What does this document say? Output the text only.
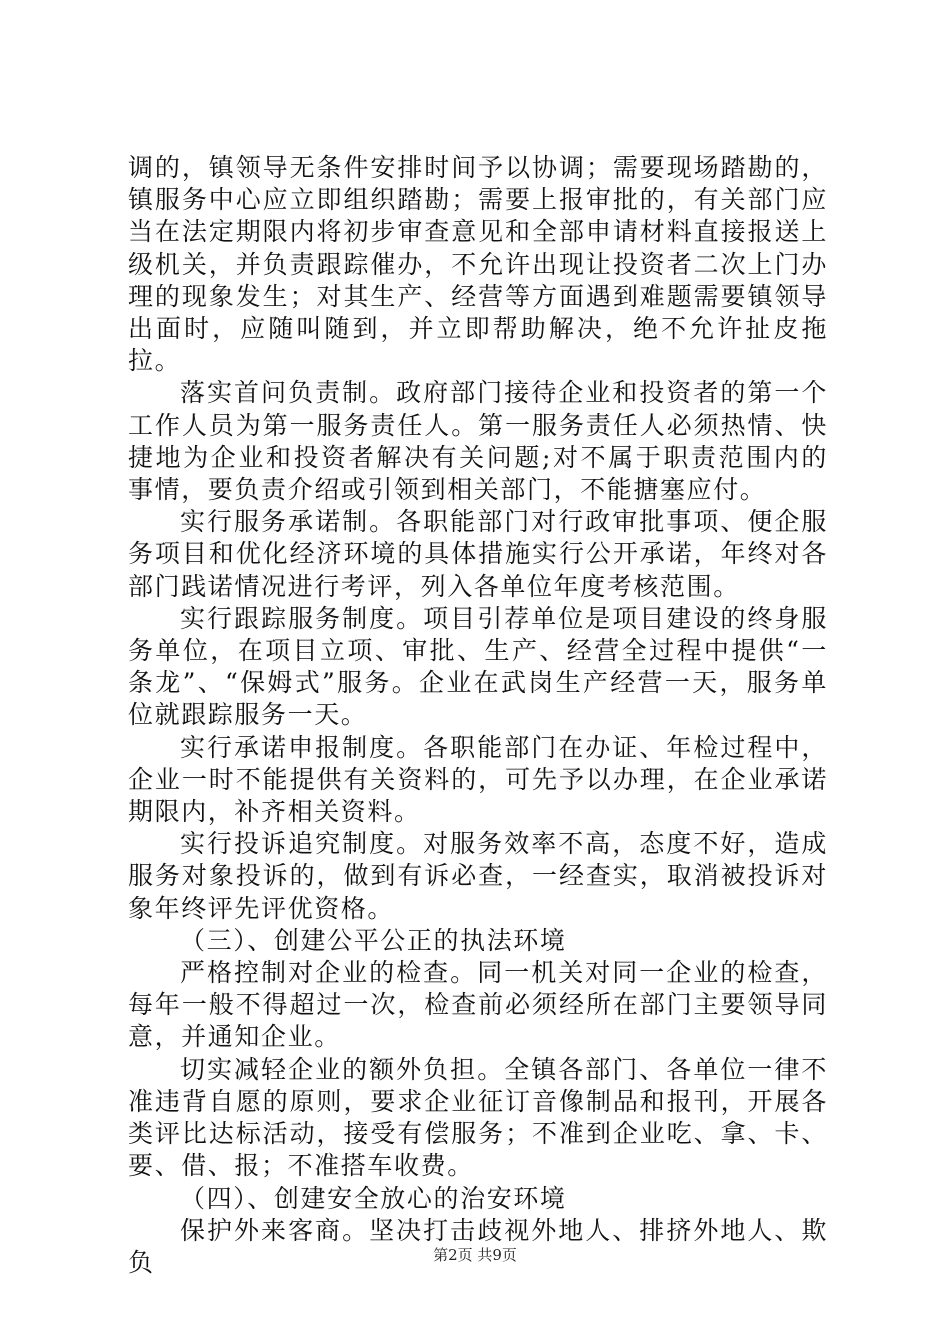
调的，镇领导无条件安排时间予以协调；需要现场踏勘的，镇服务中心应立即组织踏勘；需要上报审批的，有关部门应当在法定期限内将初步审查意见和全部申请材料直接报送上级机关，并负责跟踪催办，不允许出现让投资者二次上门办理的现象发生；对其生产、经营等方面遇到难题需要镇领导出面时，应随叫随到，并立即帮助解决，绝不允许扯皮拖拉。

落实首问负责制。政府部门接待企业和投资者的第一个工作人员为第一服务责任人。第一服务责任人必须热情、快捷地为企业和投资者解决有关问题;对不属于职责范围内的事情，要负责介绍或引领到相关部门，不能搪塞应付。

实行服务承诺制。各职能部门对行政审批事项、便企服务项目和优化经济环境的具体措施实行公开承诺，年终对各部门践诺情况进行考评，列入各单位年度考核范围。

实行跟踪服务制度。项目引荐单位是项目建设的终身服务单位，在项目立项、审批、生产、经营全过程中提供“一条龙”、“保姆式”服务。企业在武岗生产经营一天，服务单位就跟踪服务一天。

实行承诺申报制度。各职能部门在办证、年检过程中，企业一时不能提供有关资料的，可先予以办理，在企业承诺期限内，补齐相关资料。

实行投诉追究制度。对服务效率不高，态度不好，造成服务对象投诉的，做到有诉必查，一经查实，取消被投诉对象年终评先评优资格。

（三）、创建公平公正的执法环境

严格控制对企业的检查。同一机关对同一企业的检查，每年一般不得超过一次，检查前必须经所在部门主要领导同意，并通知企业。

切实减轻企业的额外负担。全镇各部门、各单位一律不准违背自愿的原则，要求企业征订音像制品和报刊，开展各类评比达标活动，接受有偿服务；不准到企业吃、拿、卡、要、借、报；不准搭车收费。

（四）、创建安全放心的治安环境

保护外来客商。坚决打击歧视外地人、排挤外地人、欺负	第2页 共9页
